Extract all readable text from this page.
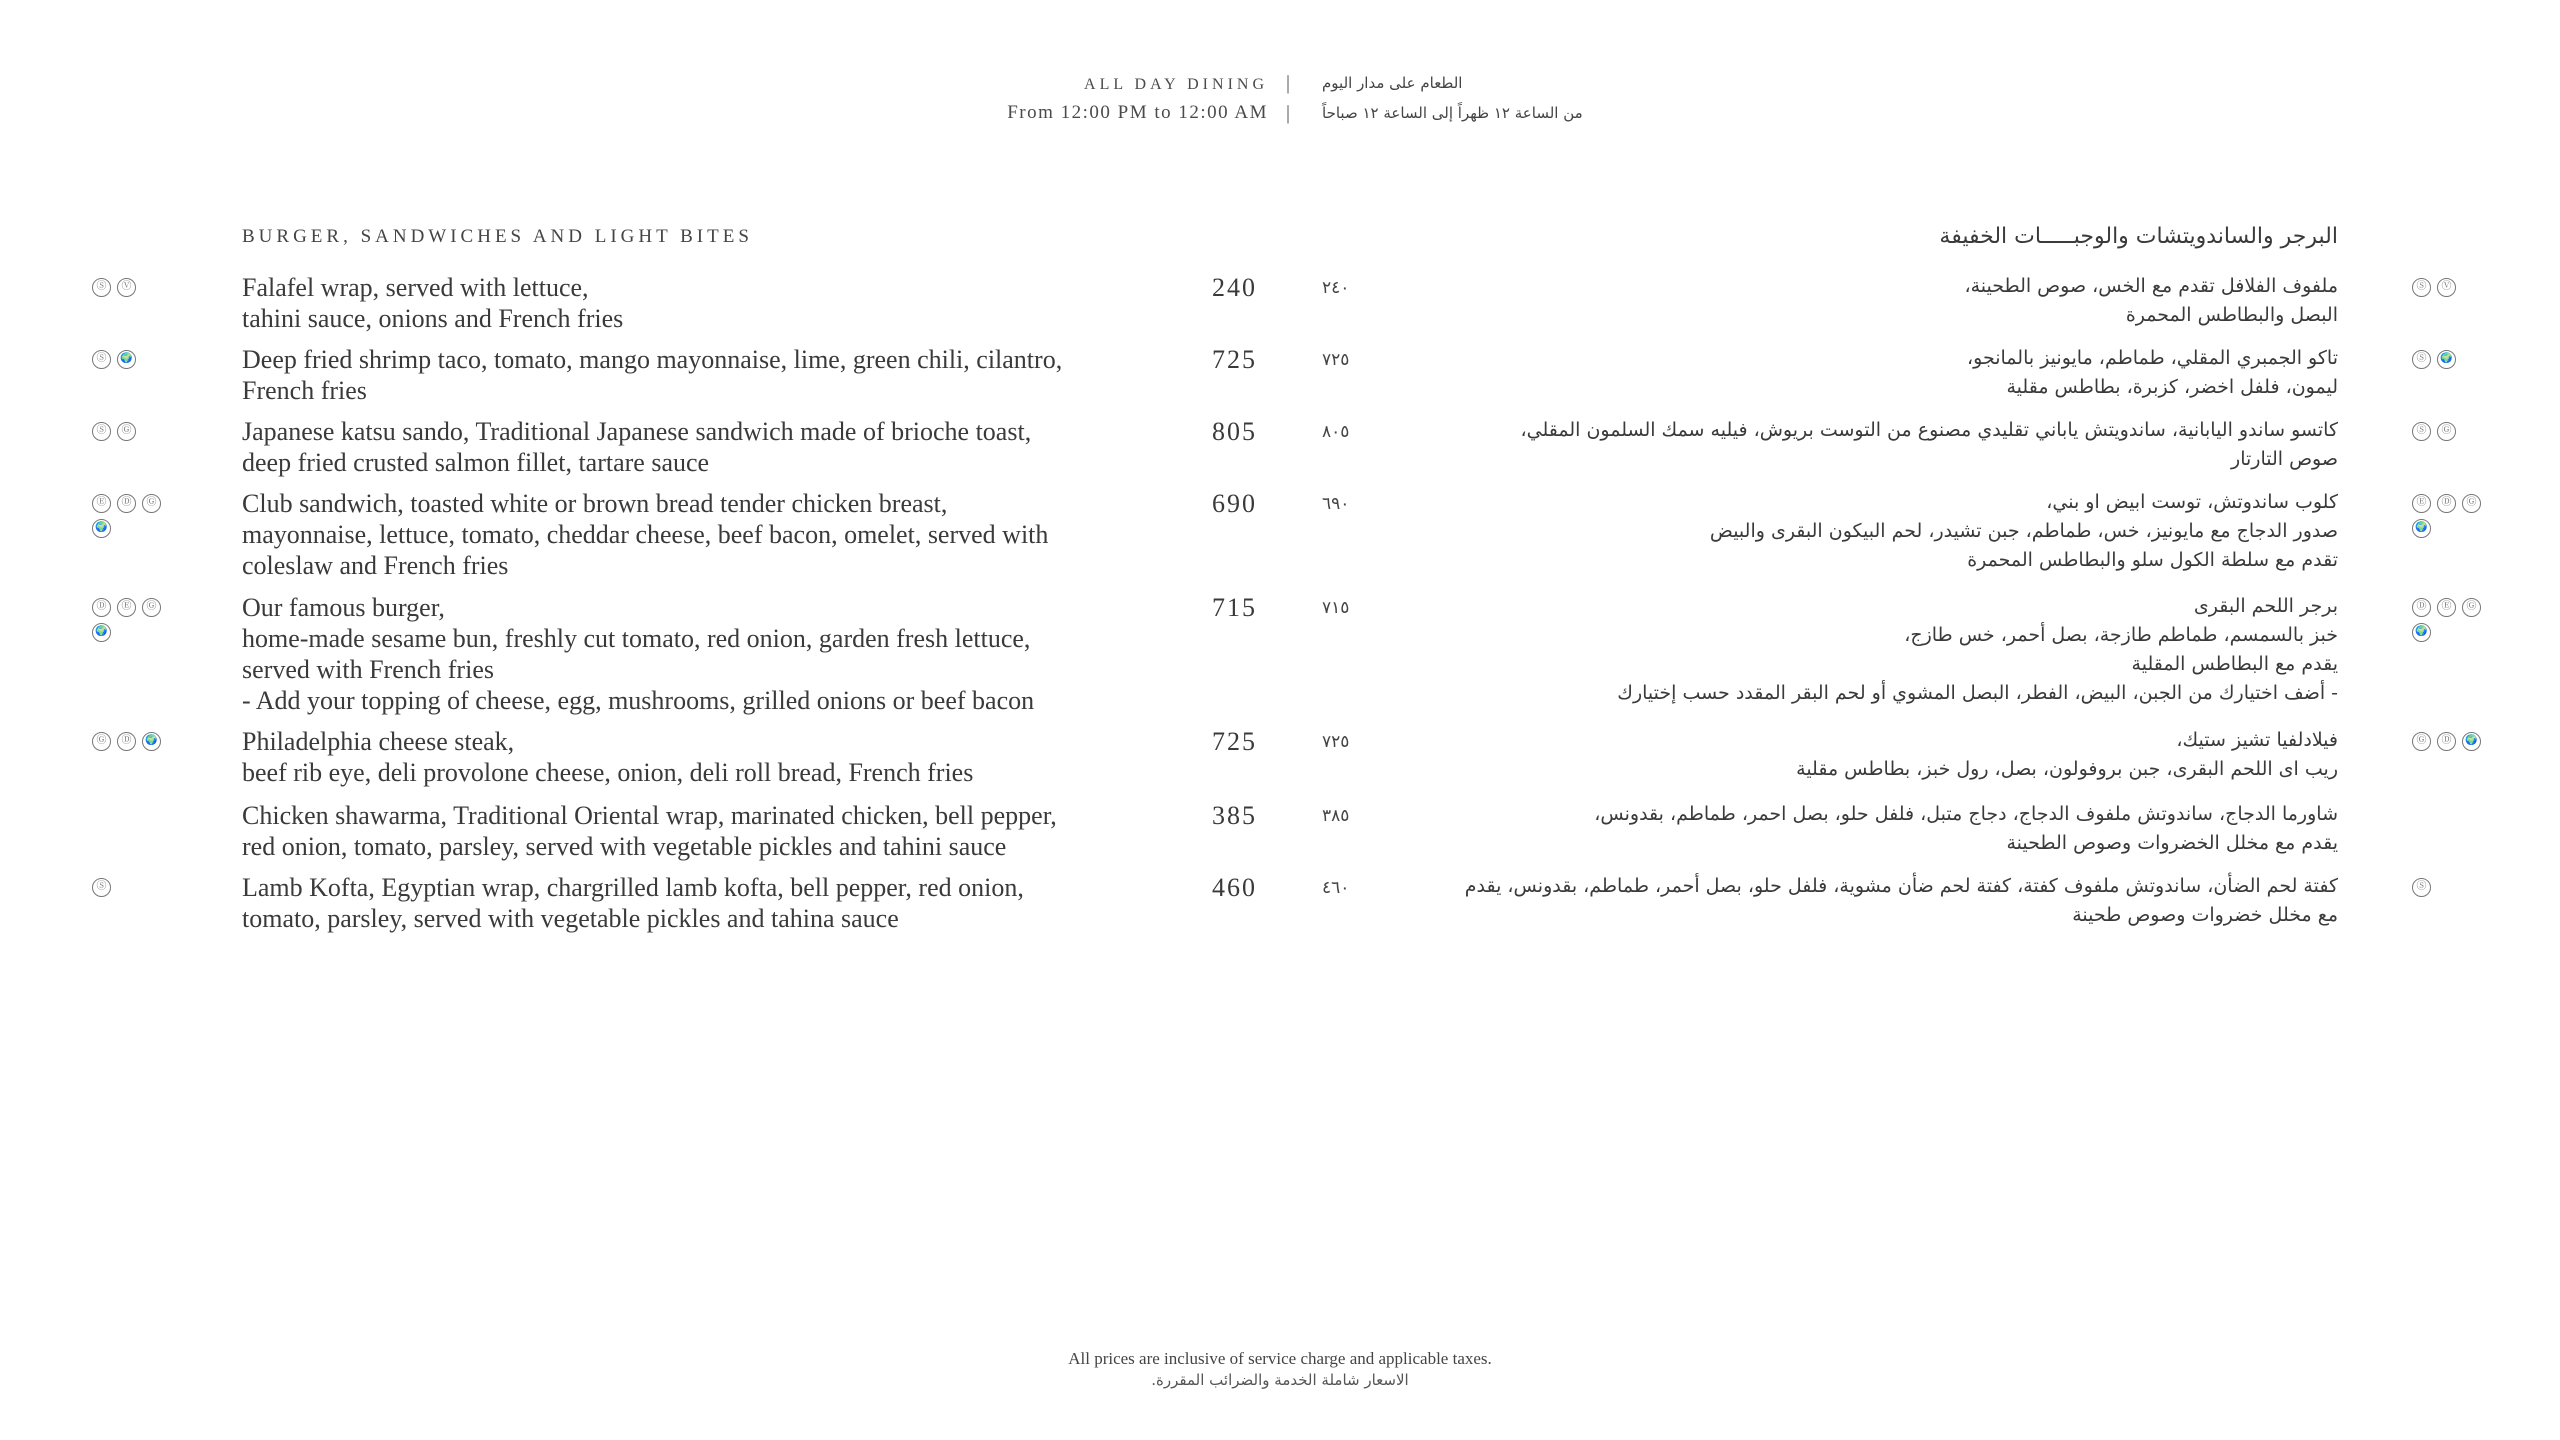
ALL DAY DINING | الطعام على مدار اليوم
From 12:00 PM to 12:00 AM | من الساعة ١٢ ظهراً إلى الساعة ١٢ صباحاً
BURGER, SANDWICHES AND LIGHT BITES	البرجر والساندويتشات والوجبـــــات الخفيفة
Ⓢ	Ⓥ	Falafel wrap, served with lettuce,
tahini sauce, onions and French fries
240	٢٤٠	ملفوف الفلافل تقدم مع الخس، صوص الطحينة،
البصل والبطاطس المحمرة
Ⓢ	Ⓥ
Ⓢ	🌍	Deep fried shrimp taco, tomato, mango mayonnaise, lime, green chili, cilantro,
French fries
725	٧٢٥	تاكو الجمبري المقلي، طماطم، مايونيز بالمانجو،
ليمون، فلفل اخضر، كزبرة، بطاطس مقلية
Ⓢ	🌍
Ⓢ	Ⓖ	Japanese katsu sando, Traditional Japanese sandwich made of brioche toast,
deep fried crusted salmon fillet, tartare sauce
805	٨٠٥	كاتسو ساندو اليابانية، ساندويتش ياباني تقليدي مصنوع من التوست بريوش، فيليه سمك السلمون المقلي،
صوص التارتار
Ⓢ	Ⓖ
Ⓔ	Ⓓ	Ⓖ
🌍
Club sandwich, toasted white or brown bread tender chicken breast,
mayonnaise, lettuce, tomato, cheddar cheese, beef bacon, omelet, served with
coleslaw and French fries
690	٦٩٠	كلوب ساندوتش، توست ابيض او بني،
صدور الدجاج مع مايونيز، خس، طماطم، جبن تشيدر، لحم البيكون البقرى والبيض
تقدم مع سلطة الكول سلو والبطاطس المحمرة
Ⓔ	Ⓓ	Ⓖ
🌍
Ⓓ	Ⓔ	Ⓖ
🌍
Our famous burger,
home-made sesame bun, freshly cut tomato, red onion, garden fresh lettuce,
served with French fries
- Add your topping of cheese, egg, mushrooms, grilled onions or beef bacon
715	٧١٥	برجر اللحم البقرى
خبز بالسمسم، طماطم طازجة، بصل أحمر، خس طازج،
يقدم مع البطاطس المقلية
- أضف اختيارك من الجبن، البيض، الفطر، البصل المشوي أو لحم البقر المقدد حسب إختيارك
Ⓓ	Ⓔ	Ⓖ
🌍
Ⓖ	Ⓓ	🌍	Philadelphia cheese steak,
beef rib eye, deli provolone cheese, onion, deli roll bread, French fries
725	٧٢٥	فيلادلفيا تشيز ستيك،
ريب اى اللحم البقرى، جبن بروفولون، بصل، رول خبز، بطاطس مقلية
Ⓖ	Ⓓ	🌍
Chicken shawarma, Traditional Oriental wrap, marinated chicken, bell pepper,
red onion, tomato, parsley, served with vegetable pickles and tahini sauce
385	٣٨٥	شاورما الدجاج، ساندوتش ملفوف الدجاج، دجاج متبل، فلفل حلو، بصل احمر، طماطم، بقدونس،
يقدم مع مخلل الخضروات وصوص الطحينة
Ⓢ	Lamb Kofta, Egyptian wrap, chargrilled lamb kofta, bell pepper, red onion,
tomato, parsley, served with vegetable pickles and tahina sauce
460	٤٦٠	كفتة لحم الضأن، ساندوتش ملفوف كفتة، كفتة لحم ضأن مشوية، فلفل حلو، بصل أحمر، طماطم، بقدونس، يقدم
مع مخلل خضروات وصوص طحينة
Ⓢ
All prices are inclusive of service charge and applicable taxes.
الاسعار شاملة الخدمة والضرائب المقررة.
